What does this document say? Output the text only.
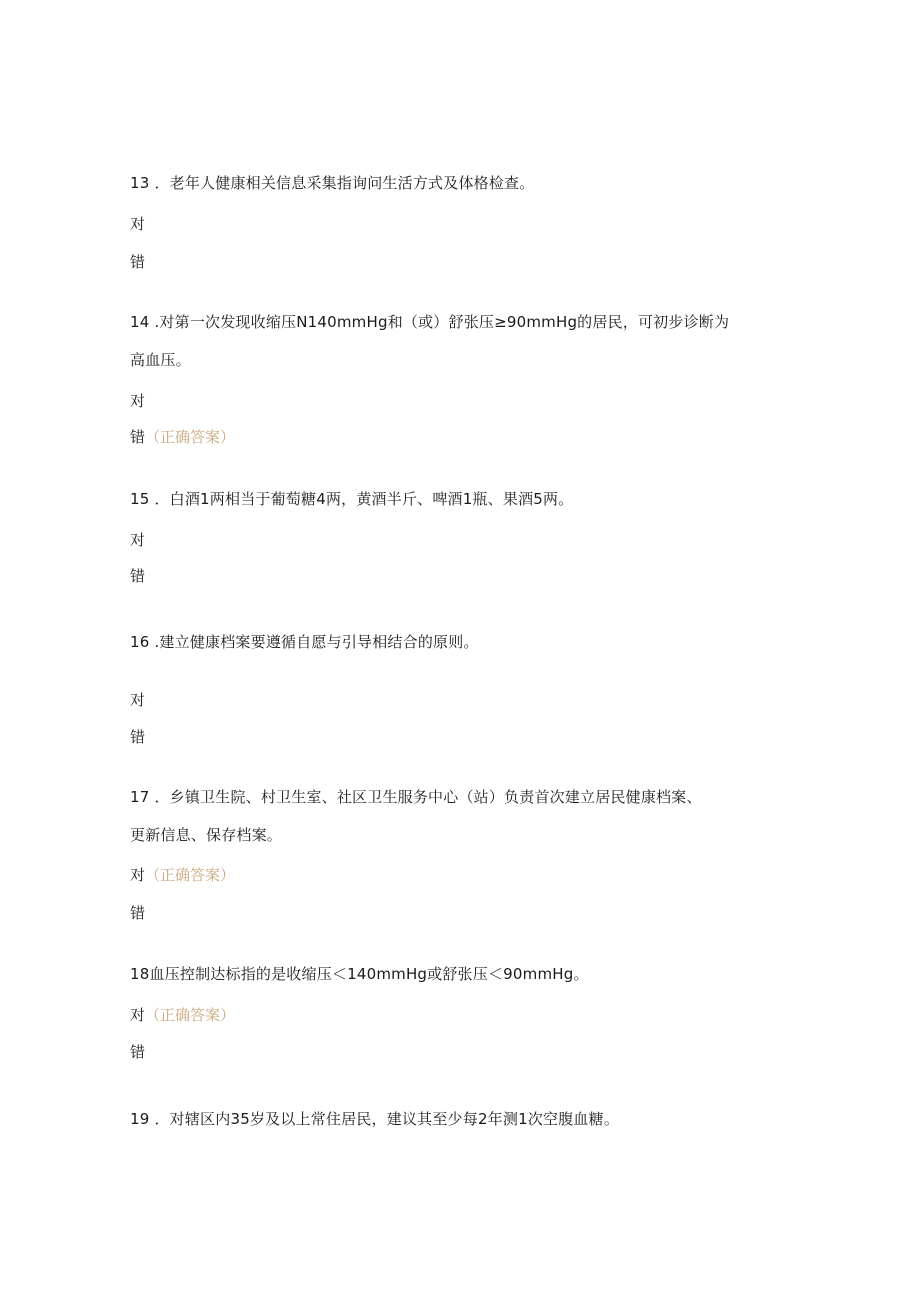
13 ．老年人健康相关信息采集指询问生活方式及体格检查。
对
错
14 .对第一次发现收缩压N140mmHg和（或）舒张压≥90mmHg的居民，可初步诊断为
高血压。
对
错（正确答案）
15 ．白酒1两相当于葡萄糖4两，黄酒半斤、啤酒1瓶、果酒5两。
对
错
16 .建立健康档案要遵循自愿与引导相结合的原则。
对
错
17 ．乡镇卫生院、村卫生室、社区卫生服务中心（站）负责首次建立居民健康档案、
更新信息、保存档案。
对（正确答案）
错
18血压控制达标指的是收缩压＜140mmHg或舒张压＜90mmHg。
对（正确答案）
错
19 ．对辖区内35岁及以上常住居民，建议其至少每2年测1次空腹血糖。
